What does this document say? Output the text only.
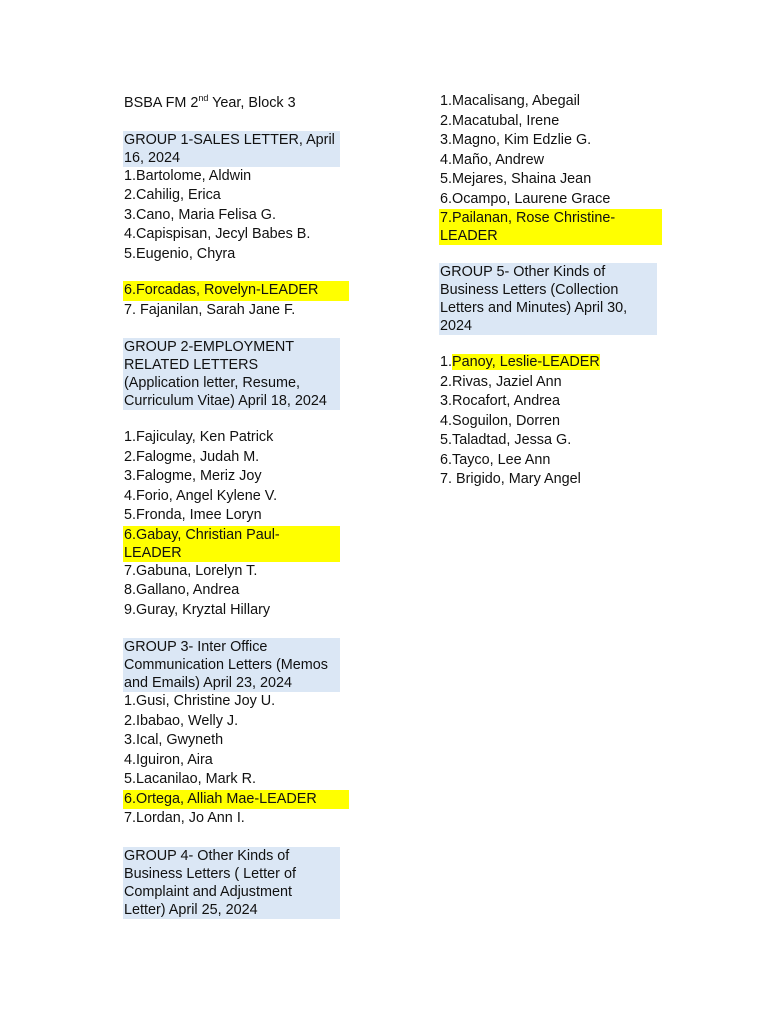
BSBA FM 2nd Year, Block 3
GROUP 1-SALES LETTER, April 16, 2024
1.Bartolome, Aldwin
2.Cahilig, Erica
3.Cano, Maria Felisa G.
4.Capispisan, Jecyl Babes B.
5.Eugenio, Chyra
6.Forcadas, Rovelyn-LEADER
7. Fajanilan, Sarah Jane F.
GROUP 2-EMPLOYMENT RELATED LETTERS (Application letter, Resume, Curriculum Vitae) April 18, 2024
1.Fajiculay, Ken Patrick
2.Falogme, Judah M.
3.Falogme, Meriz Joy
4.Forio, Angel Kylene V.
5.Fronda, Imee Loryn
6.Gabay, Christian Paul-LEADER
7.Gabuna, Lorelyn T.
8.Gallano, Andrea
9.Guray, Kryztal Hillary
GROUP 3- Inter Office Communication Letters (Memos and Emails) April 23, 2024
1.Gusi, Christine Joy U.
2.Ibabao, Welly J.
3.Ical, Gwyneth
4.Iguiron, Aira
5.Lacanilao, Mark R.
6.Ortega, Alliah Mae-LEADER
7.Lordan, Jo Ann I.
GROUP 4- Other Kinds of Business Letters ( Letter of Complaint and Adjustment Letter) April 25, 2024
1.Macalisang, Abegail
2.Macatubal, Irene
3.Magno, Kim Edzlie G.
4.Maño, Andrew
5.Mejares, Shaina Jean
6.Ocampo, Laurene Grace
7.Pailanan, Rose Christine-LEADER
GROUP 5- Other Kinds of Business Letters (Collection Letters and Minutes) April 30, 2024
1.Panoy, Leslie-LEADER
2.Rivas, Jaziel Ann
3.Rocafort, Andrea
4.Soguilon, Dorren
5.Taladtad, Jessa G.
6.Tayco, Lee Ann
7. Brigido, Mary Angel
